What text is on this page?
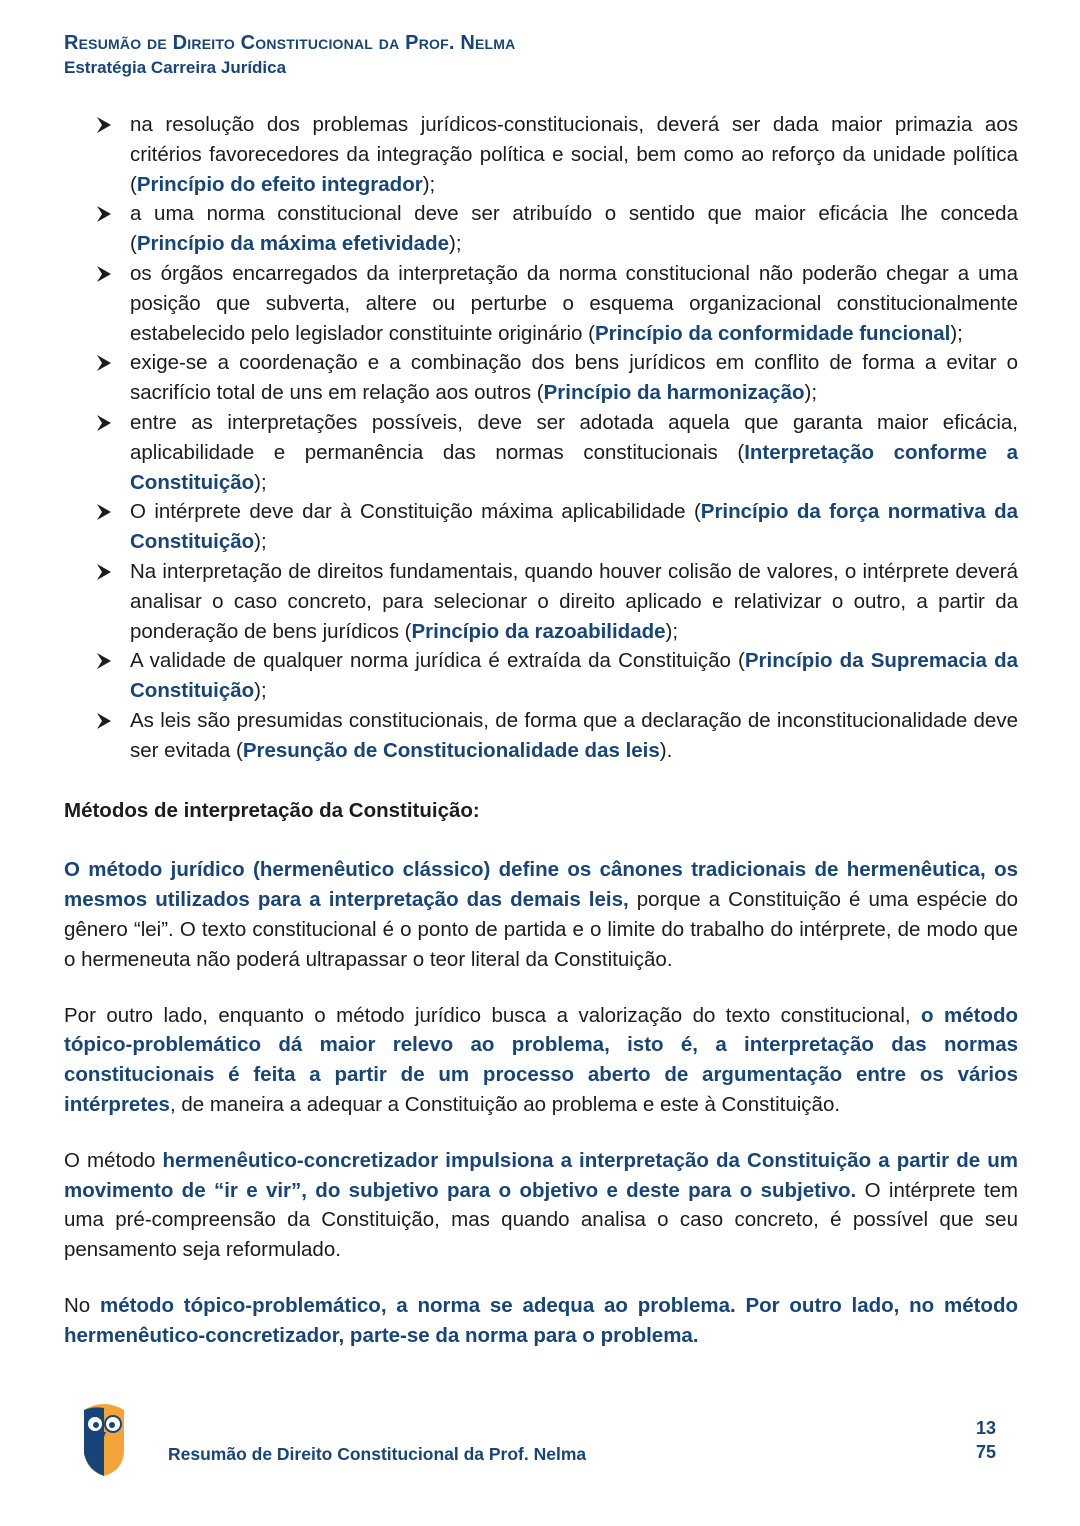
Resumão de Direito Constitucional da Prof. Nelma
Estratégia Carreira Jurídica
na resolução dos problemas jurídicos-constitucionais, deverá ser dada maior primazia aos critérios favorecedores da integração política e social, bem como ao reforço da unidade política (Princípio do efeito integrador);
a uma norma constitucional deve ser atribuído o sentido que maior eficácia lhe conceda (Princípio da máxima efetividade);
os órgãos encarregados da interpretação da norma constitucional não poderão chegar a uma posição que subverta, altere ou perturbe o esquema organizacional constitucionalmente estabelecido pelo legislador constituinte originário (Princípio da conformidade funcional);
exige-se a coordenação e a combinação dos bens jurídicos em conflito de forma a evitar o sacrifício total de uns em relação aos outros (Princípio da harmonização);
entre as interpretações possíveis, deve ser adotada aquela que garanta maior eficácia, aplicabilidade e permanência das normas constitucionais (Interpretação conforme a Constituição);
O intérprete deve dar à Constituição máxima aplicabilidade (Princípio da força normativa da Constituição);
Na interpretação de direitos fundamentais, quando houver colisão de valores, o intérprete deverá analisar o caso concreto, para selecionar o direito aplicado e relativizar o outro, a partir da ponderação de bens jurídicos (Princípio da razoabilidade);
A validade de qualquer norma jurídica é extraída da Constituição (Princípio da Supremacia da Constituição);
As leis são presumidas constitucionais, de forma que a declaração de inconstitucionalidade deve ser evitada (Presunção de Constitucionalidade das leis).
Métodos de interpretação da Constituição:

O método jurídico (hermenêutico clássico) define os cânones tradicionais de hermenêutica, os mesmos utilizados para a interpretação das demais leis, porque a Constituição é uma espécie do gênero “lei”. O texto constitucional é o ponto de partida e o limite do trabalho do intérprete, de modo que o hermeneuta não poderá ultrapassar o teor literal da Constituição.

Por outro lado, enquanto o método jurídico busca a valorização do texto constitucional, o método tópico-problemático dá maior relevo ao problema, isto é, a interpretação das normas constitucionais é feita a partir de um processo aberto de argumentação entre os vários intérpretes, de maneira a adequar a Constituição ao problema e este à Constituição.

O método hermenêutico-concretizador impulsiona a interpretação da Constituição a partir de um movimento de “ir e vir”, do subjetivo para o objetivo e deste para o subjetivo. O intérprete tem uma pré-compreensão da Constituição, mas quando analisa o caso concreto, é possível que seu pensamento seja reformulado.

No método tópico-problemático, a norma se adequa ao problema. Por outro lado, no método hermenêutico-concretizador, parte-se da norma para o problema.

Resumão de Direito Constitucional da Prof. Nelma
13
75
